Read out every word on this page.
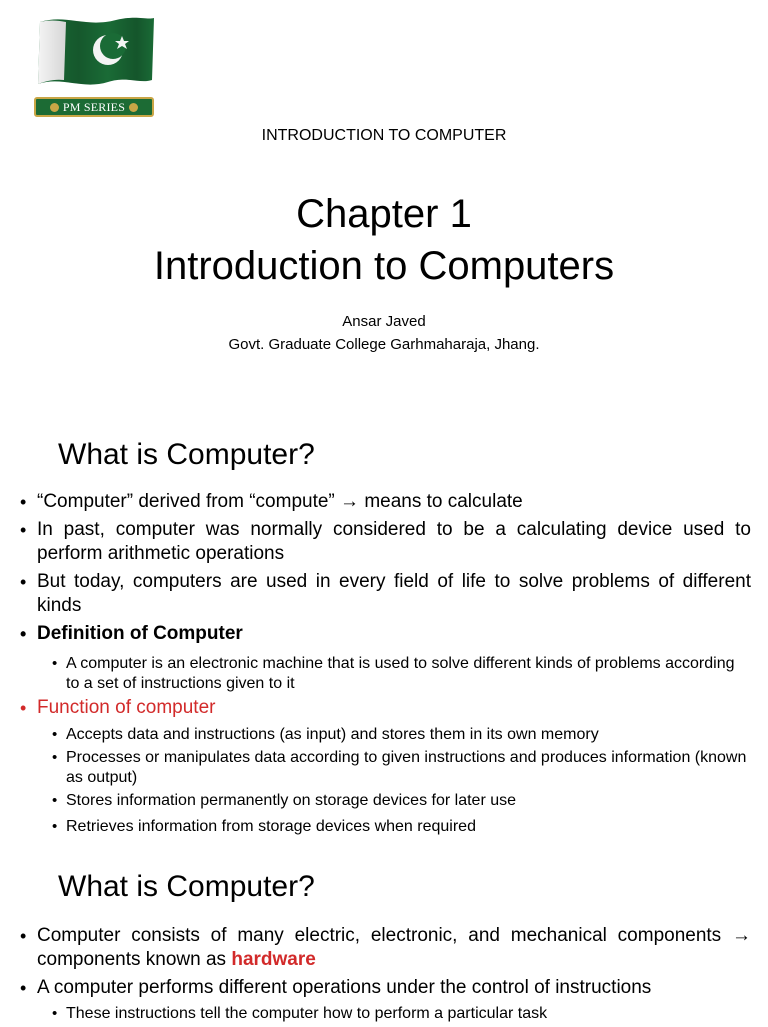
PM SERIES
INTRODUCTION TO COMPUTER
Chapter 1
Introduction to Computers
Ansar Javed
Govt. Graduate College Garhmaharaja, Jhang.
What is Computer?
• “Computer” derived from “compute” → means to calculate
• In past, computer was normally considered to be a calculating device used to perform arithmetic operations
• But today, computers are used in every field of life to solve problems of different kinds
• Definition of Computer
• A computer is an electronic machine that is used to solve different kinds of problems according to a set of instructions given to it
• Function of computer
• Accepts data and instructions (as input) and stores them in its own memory
• Processes or manipulates data according to given instructions and produces information (known as output)
• Stores information permanently on storage devices for later use
• Retrieves information from storage devices when required
What is Computer?
• Computer consists of many electric, electronic, and mechanical components → components known as hardware
• A computer performs different operations under the control of instructions
• These instructions tell the computer how to perform a particular task
